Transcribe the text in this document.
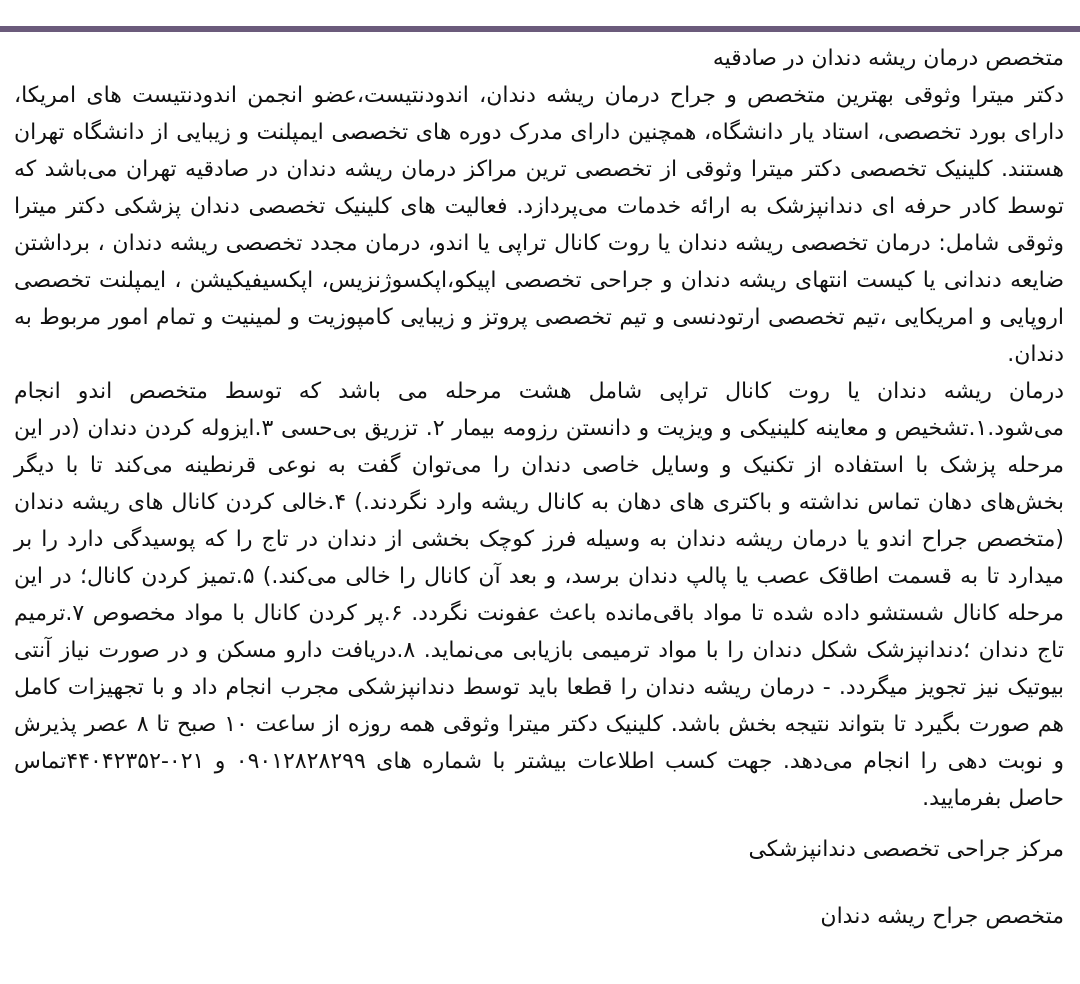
متخصص درمان ریشه دندان در صادقیه

دکتر میترا وثوقی بهترین متخصص و جراح درمان ریشه دندان، اندودنتیست،عضو انجمن اندودنتیست های امریکا، دارای بورد تخصصی، استاد یار دانشگاه، همچنین دارای مدرک دوره های تخصصی ایمپلنت و زیبایی از دانشگاه تهران هستند. کلینیک تخصصی دکتر میترا وثوقی از تخصصی ترین مراکز درمان ریشه دندان در صادقیه تهران می‌باشد که توسط کادر حرفه ای دندانپزشک به ارائه خدمات می‌پردازد. فعالیت های کلینیک تخصصی دندان پزشکی دکتر میترا وثوقی شامل: درمان تخصصی ریشه دندان یا روت کانال تراپی یا اندو، درمان مجدد تخصصی ریشه دندان ، برداشتن ضایعه دندانی یا کیست انتهای ریشه دندان و جراحی تخصصی اپیکو،اپکسوژنزیس، اپکسیفیکیشن ، ایمپلنت تخصصی اروپایی و امریکایی ،تیم تخصصی ارتودنسی و تیم تخصصی پروتز و زیبایی کامپوزیت و لمینیت و تمام امور مربوط به دندان.

درمان ریشه دندان یا روت کانال تراپی شامل هشت مرحله می باشد که توسط متخصص اندو انجام می‌شود.۱.تشخیص و معاینه کلینیکی و ویزیت و دانستن رزومه بیمار ۲. تزریق بی‌حسی ۳.ایزوله کردن دندان (در این مرحله پزشک با استفاده از تکنیک و وسایل خاصی دندان را می‌توان گفت به نوعی قرنطینه می‌کند تا با دیگر بخش‌های دهان تماس نداشته و باکتری های دهان به کانال ریشه وارد نگردند.) ۴.خالی کردن کانال های ریشه دندان (متخصص جراح اندو یا درمان ریشه دندان به وسیله فرز کوچک بخشی از دندان در تاج را که پوسیدگی دارد را بر میدارد تا به قسمت اطاقک عصب یا پالپ دندان برسد، و بعد آن کانال را خالی می‌کند.) ۵.تمیز کردن کانال؛ در این مرحله کانال شستشو داده شده تا مواد باقی‌مانده باعث عفونت نگردد. ۶.پر کردن کانال با مواد مخصوص ۷.ترمیم تاج دندان ؛دندانپزشک شکل دندان را با مواد ترمیمی بازیابی می‌نماید. ۸.دریافت دارو مسکن و در صورت نیاز آنتی بیوتیک نیز تجویز میگردد. - درمان ریشه دندان را قطعا باید توسط دندانپزشکی مجرب انجام داد و با تجهیزات کامل هم صورت بگیرد تا بتواند نتیجه بخش باشد. کلینیک دکتر میترا وثوقی همه روزه از ساعت ۱۰ صبح تا ۸ عصر پذیرش و نوبت دهی را انجام می‌دهد. جهت کسب اطلاعات بیشتر با شماره های ۰۹۰۱۲۸۲۸۲۹۹ و ۰۲۱-۴۴۰۴۲۳۵۲تماس حاصل بفرمایید.

مرکز جراحی تخصصی دندانپزشکی

متخصص جراح ریشه دندان
